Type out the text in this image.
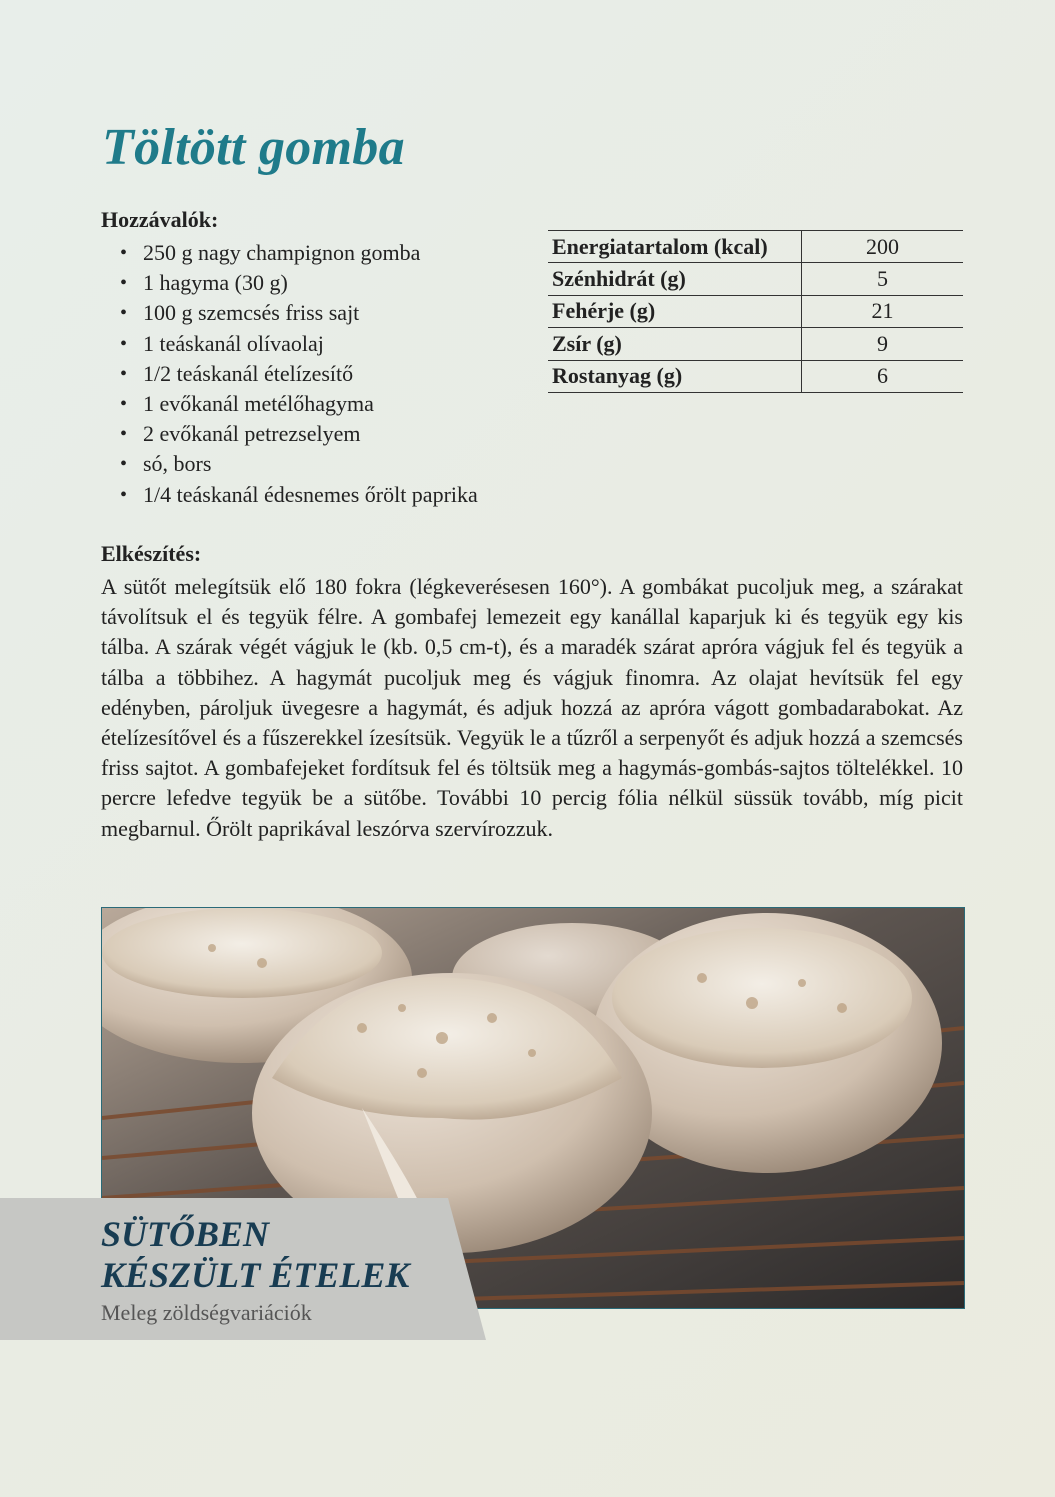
Töltött gomba
Hozzávalók:
• 250 g nagy champignon gomba
• 1 hagyma (30 g)
• 100 g szemcsés friss sajt
• 1 teáskanál olívaolaj
• 1/2 teáskanál ételízesítő
• 1 evőkanál metélőhagyma
• 2 evőkanál petrezselyem
• só, bors
• 1/4 teáskanál édesnemes őrölt paprika
Energiatartalom (kcal)	200
Szénhidrát (g)	5
Fehérje (g)	21
Zsír (g)	9
Rostanyag (g)	6
Elkészítés:

A sütőt melegítsük elő 180 fokra (légkeverésesen 160°). A gombákat pucoljuk meg, a szárakat távolítsuk el és tegyük félre. A gombafej lemezeit egy kanállal kaparjuk ki és tegyük egy kis tálba. A szárak végét vágjuk le (kb. 0,5 cm-t), és a maradék szárat apróra vágjuk fel és tegyük a tálba a többihez. A hagymát pucoljuk meg és vágjuk finomra. Az olajat hevítsük fel egy edényben, pároljuk üvegesre a hagymát, és adjuk hozzá az apróra vágott gombadarabokat. Az ételízesítővel és a fűszerekkel ízesítsük. Vegyük le a tűzről a serpenyőt és adjuk hozzá a szemcsés friss sajtot. A gombafejeket fordítsuk fel és töltsük meg a hagymás-gombás-sajtos töltelékkel. 10 percre lefedve tegyük be a sütőbe. További 10 percig fólia nélkül süssük tovább, míg picit megbarnul. Őrölt paprikával leszórva szervírozzuk.

SÜTŐBEN
KÉSZÜLT ÉTELEK

Meleg zöldségvariációk
